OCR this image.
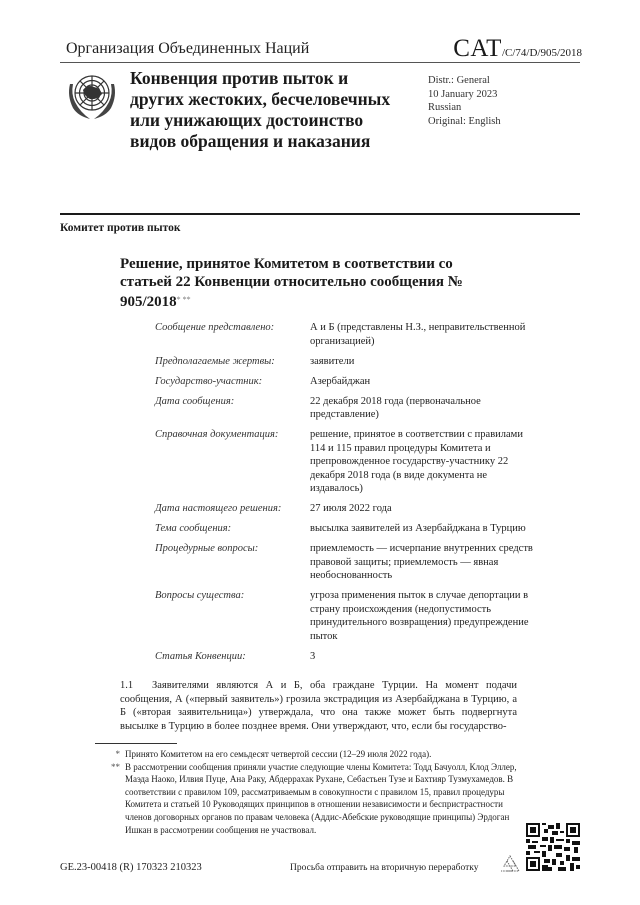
Организация Объединенных Наций	CAT/C/74/D/905/2018
Конвенция против пыток и других жестоких, бесчеловечных или унижающих достоинство видов обращения и наказания
Distr.: General
10 January 2023
Russian
Original: English
Комитет против пыток
Решение, принятое Комитетом в соответствии со статьей 22 Конвенции относительно сообщения № 905/2018* **
Сообщение представлено:	А и Б (представлены Н.З., неправительственной организацией)
Предполагаемые жертвы:	заявители
Государство-участник:	Азербайджан
Дата сообщения:	22 декабря 2018 года (первоначальное представление)
Справочная документация:	решение, принятое в соответствии с правилами 114 и 115 правил процедуры Комитета и препровожденное государству-участнику 22 декабря 2018 года (в виде документа не издавалось)
Дата настоящего решения:	27 июля 2022 года
Тема сообщения:	высылка заявителей из Азербайджана в Турцию
Процедурные вопросы:	приемлемость — исчерпание внутренних средств правовой защиты; приемлемость — явная необоснованность
Вопросы существа:	угроза применения пыток в случае депортации в страну происхождения (недопустимость принудительного возвращения) предупреждение пыток
Статья Конвенции:	3
1.1 Заявителями являются А и Б, оба граждане Турции. На момент подачи сообщения, А («первый заявитель») грозила экстрадиция из Азербайджана в Турцию, а Б («вторая заявительница») утверждала, что она также может быть подвергнута высылке в Турцию в более позднее время. Они утверждают, что, если бы государство-
* Принято Комитетом на его семьдесят четвертой сессии (12–29 июля 2022 года).
** В рассмотрении сообщения приняли участие следующие члены Комитета: Тодд Бачуолл, Клод Эллер, Маэда Наоко, Илвия Пуце, Ана Раку, Абдеррахак Рухане, Себастьен Тузе и Бахтияр Тузмухамедов. В соответствии с правилом 109, рассматриваемым в совокупности с правилом 15, правил процедуры Комитета и статьей 10 Руководящих принципов в отношении независимости и беспристрастности членов договорных органов по правам человека (Аддис-Абебские руководящие принципы) Эрдоган Ишкан в рассмотрении сообщения не участвовал.
GE.23-00418 (R) 170323 210323	Просьба отправить на вторичную переработку
